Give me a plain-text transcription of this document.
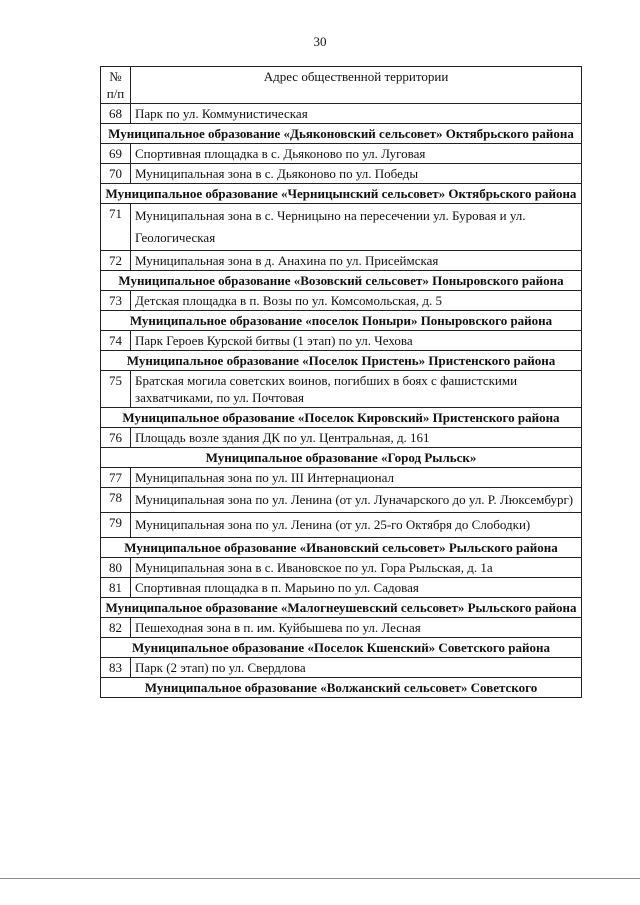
30
№ п/п	Адрес общественной территории
68	Парк по ул. Коммунистическая
Муниципальное образование «Дьяконовский сельсовет» Октябрьского района	
69	Спортивная площадка в с. Дьяконово по ул. Луговая
70	Муниципальная зона в с. Дьяконово по ул. Победы
Муниципальное образование «Черницынский сельсовет» Октябрьского района	
71	Муниципальная зона в с. Черницыно на пересечении ул. Буровая и ул. Геологическая
72	Муниципальная зона в д. Анахина по ул. Присеймская
Муниципальное образование «Возовский сельсовет» Поныровского района	
73	Детская площадка в п. Возы по ул. Комсомольская, д. 5
Муниципальное образование «поселок Поныри» Поныровского района	
74	Парк Героев Курской битвы (1 этап) по ул. Чехова
Муниципальное образование «Поселок Пристень» Пристенского района	
75	Братская могила советских воинов, погибших в боях с фашистскими захватчиками, по ул. Почтовая
Муниципальное образование «Поселок Кировский» Пристенского района	
76	Площадь возле здания ДК по ул. Центральная, д. 161
Муниципальное образование «Город Рыльск»	
77	Муниципальная зона по ул. III Интернационал
78	Муниципальная зона по ул. Ленина (от ул. Луначарского до ул. Р. Люксембург)
79	Муниципальная зона по ул. Ленина (от ул. 25-го Октября до Слободки)
Муниципальное образование «Ивановский сельсовет» Рыльского района	
80	Муниципальная зона в с. Ивановское по ул. Гора Рыльская, д. 1а
81	Спортивная площадка в п. Марьино по ул. Садовая
Муниципальное образование «Малогнеушевский сельсовет» Рыльского района	
82	Пешеходная зона в п. им. Куйбышева по ул. Лесная
Муниципальное образование «Поселок Кшенский» Советского района	
83	Парк (2 этап) по ул. Свердлова
Муниципальное образование «Волжанский сельсовет» Советского	
